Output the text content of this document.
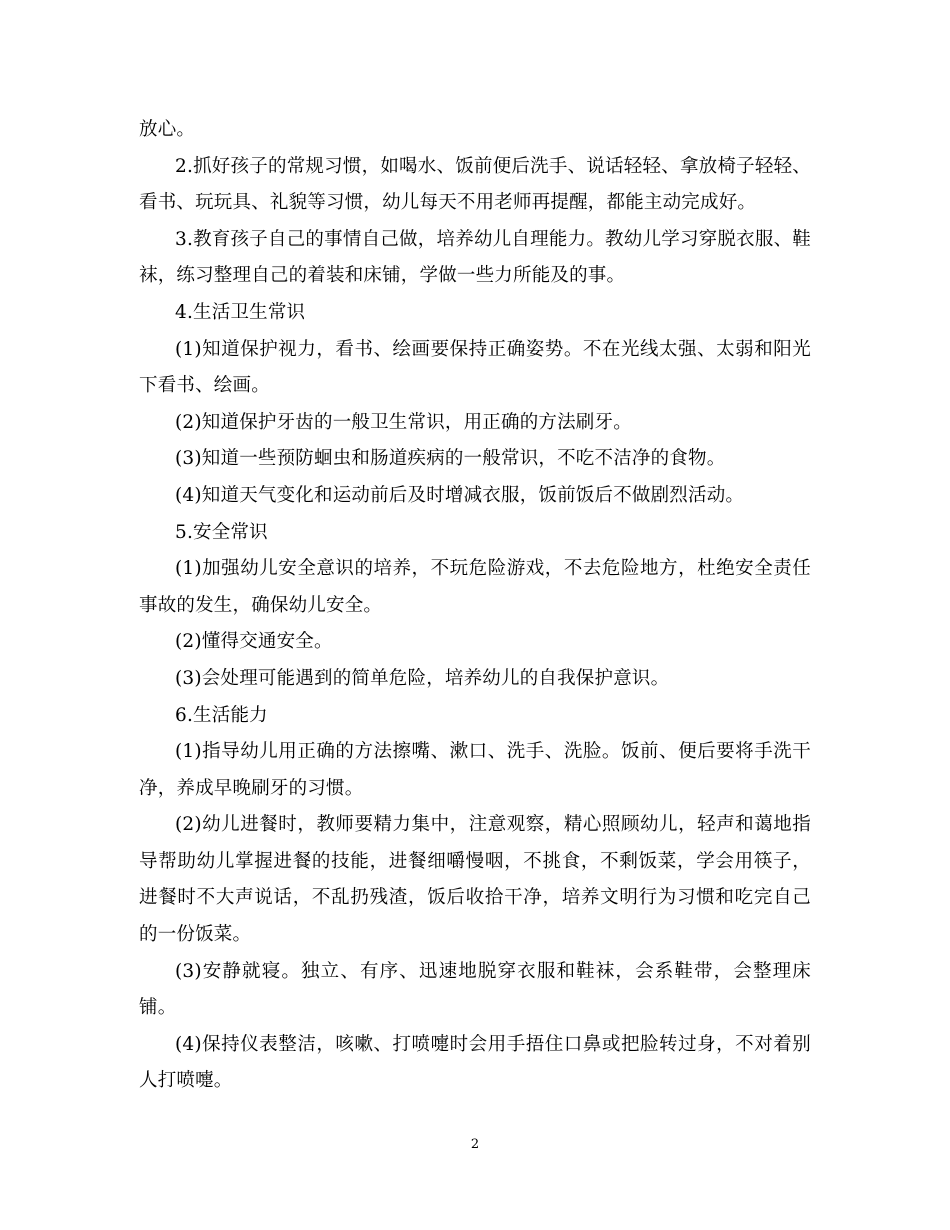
放心。

2.抓好孩子的常规习惯，如喝水、饭前便后洗手、说话轻轻、拿放椅子轻轻、看书、玩玩具、礼貌等习惯，幼儿每天不用老师再提醒，都能主动完成好。

3.教育孩子自己的事情自己做，培养幼儿自理能力。教幼儿学习穿脱衣服、鞋袜，练习整理自己的着装和床铺，学做一些力所能及的事。

4.生活卫生常识

(1)知道保护视力，看书、绘画要保持正确姿势。不在光线太强、太弱和阳光下看书、绘画。

(2)知道保护牙齿的一般卫生常识，用正确的方法刷牙。

(3)知道一些预防蛔虫和肠道疾病的一般常识，不吃不洁净的食物。

(4)知道天气变化和运动前后及时增减衣服，饭前饭后不做剧烈活动。

5.安全常识

(1)加强幼儿安全意识的培养，不玩危险游戏，不去危险地方，杜绝安全责任事故的发生，确保幼儿安全。

(2)懂得交通安全。

(3)会处理可能遇到的简单危险，培养幼儿的自我保护意识。

6.生活能力

(1)指导幼儿用正确的方法擦嘴、漱口、洗手、洗脸。饭前、便后要将手洗干净，养成早晚刷牙的习惯。

(2)幼儿进餐时，教师要精力集中，注意观察，精心照顾幼儿，轻声和蔼地指导帮助幼儿掌握进餐的技能，进餐细嚼慢咽，不挑食，不剩饭菜，学会用筷子，进餐时不大声说话，不乱扔残渣，饭后收拾干净，培养文明行为习惯和吃完自己的一份饭菜。

(3)安静就寝。独立、有序、迅速地脱穿衣服和鞋袜，会系鞋带，会整理床铺。

(4)保持仪表整洁，咳嗽、打喷嚏时会用手捂住口鼻或把脸转过身，不对着别人打喷嚏。

2
